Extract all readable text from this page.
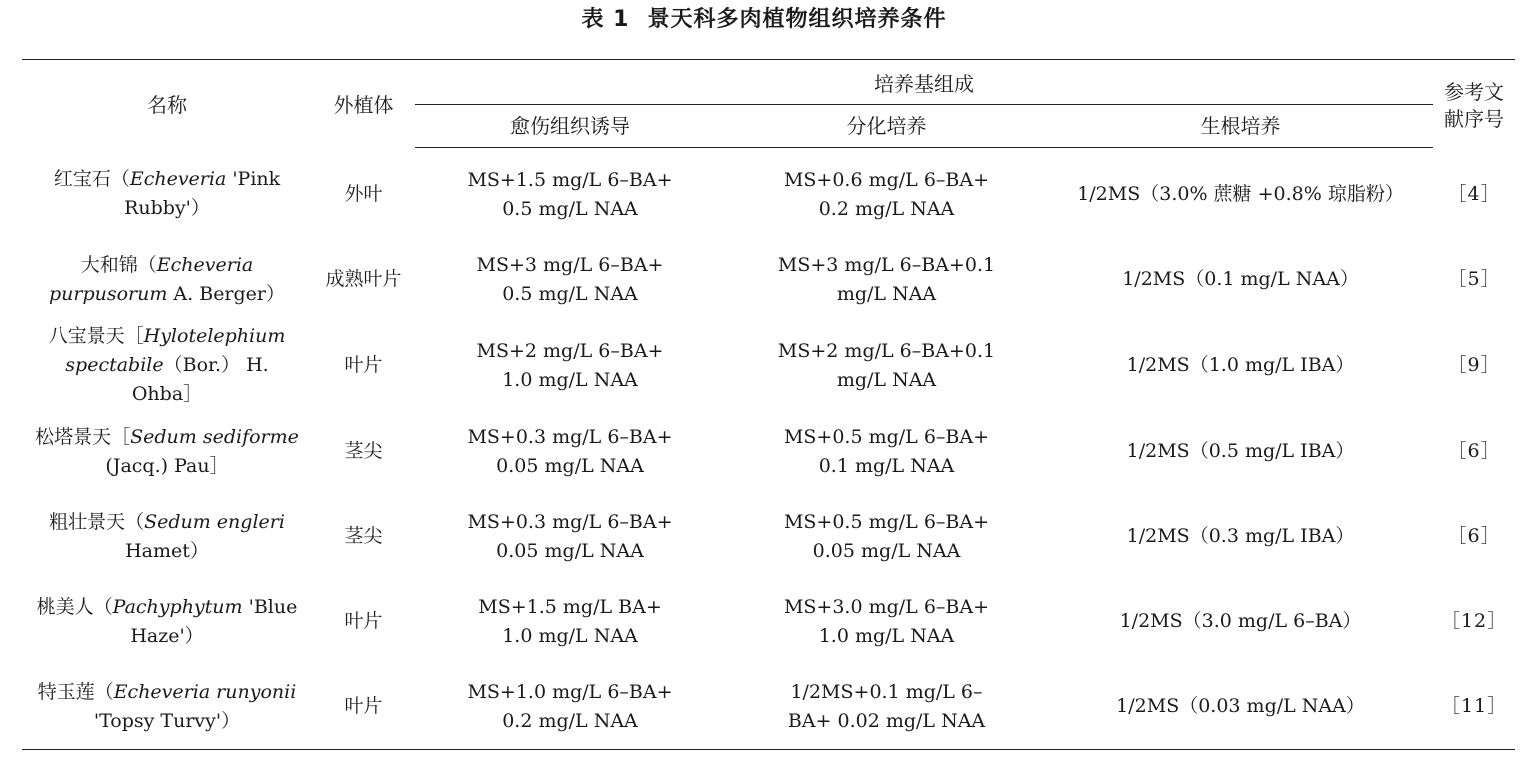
表 1 景天科多肉植物组织培养条件
名称	外植体	培养基组成			参考文献序号
		愈伤组织诱导	分化培养	生根培养	
红宝石（Echeveria 'Pink Rubby'）	外叶	MS+1.5 mg/L 6–BA+ 0.5 mg/L NAA	MS+0.6 mg/L 6–BA+ 0.2 mg/L NAA	1/2MS（3.0% 蔗糖 +0.8% 琼脂粉）	［4］
大和锦（Echeveria purpusorum A. Berger）	成熟叶片	MS+3 mg/L 6–BA+ 0.5 mg/L NAA	MS+3 mg/L 6–BA+0.1 mg/L NAA	1/2MS（0.1 mg/L NAA）	［5］
八宝景天［Hylotelephium spectabile（Bor.） H. Ohba］	叶片	MS+2 mg/L 6–BA+ 1.0 mg/L NAA	MS+2 mg/L 6–BA+0.1 mg/L NAA	1/2MS（1.0 mg/L IBA）	［9］
松塔景天［Sedum sediforme (Jacq.) Pau］	茎尖	MS+0.3 mg/L 6–BA+ 0.05 mg/L NAA	MS+0.5 mg/L 6–BA+ 0.1 mg/L NAA	1/2MS（0.5 mg/L IBA）	［6］
粗壮景天（Sedum engleri Hamet）	茎尖	MS+0.3 mg/L 6–BA+ 0.05 mg/L NAA	MS+0.5 mg/L 6–BA+ 0.05 mg/L NAA	1/2MS（0.3 mg/L IBA）	［6］
桃美人（Pachyphytum 'Blue Haze'）	叶片	MS+1.5 mg/L BA+ 1.0 mg/L NAA	MS+3.0 mg/L 6–BA+ 1.0 mg/L NAA	1/2MS（3.0 mg/L 6–BA）	［12］
特玉莲（Echeveria runyonii 'Topsy Turvy'）	叶片	MS+1.0 mg/L 6–BA+ 0.2 mg/L NAA	1/2MS+0.1 mg/L 6–BA+ 0.02 mg/L NAA	1/2MS（0.03 mg/L NAA）	［11］
